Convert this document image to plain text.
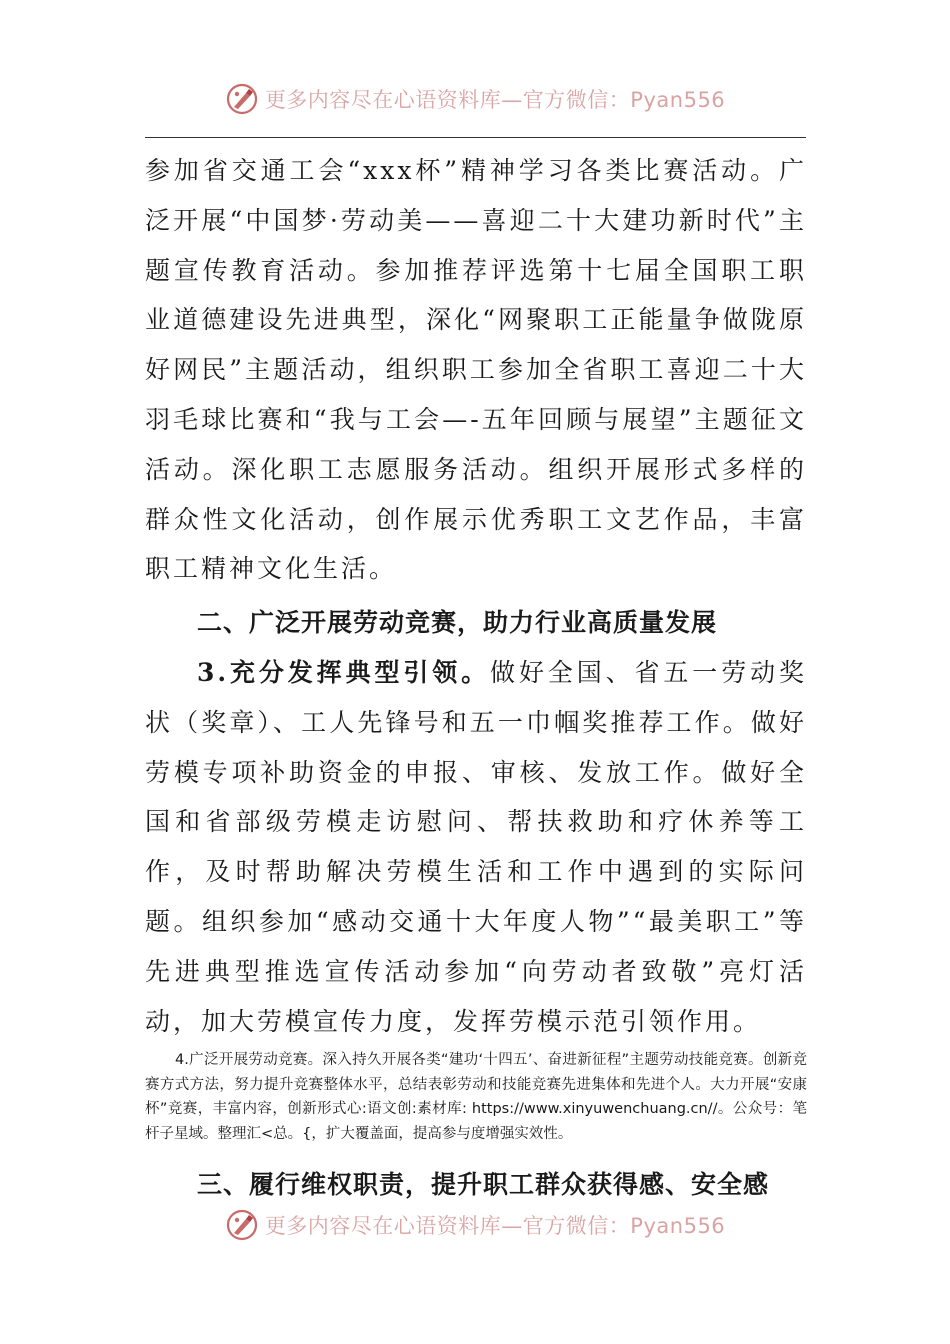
更多内容尽在心语资料库—官方微信：Pyan556

参加省交通工会“xxx杯”精神学习各类比赛活动。广泛开展“中国梦·劳动美——喜迎二十大建功新时代”主题宣传教育活动。参加推荐评选第十七届全国职工职业道德建设先进典型，深化“网聚职工正能量争做陇原好网民”主题活动，组织职工参加全省职工喜迎二十大羽毛球比赛和“我与工会—-五年回顾与展望”主题征文活动。深化职工志愿服务活动。组织开展形式多样的群众性文化活动，创作展示优秀职工文艺作品，丰富职工精神文化生活。

二、广泛开展劳动竞赛，助力行业高质量发展

3.充分发挥典型引领。做好全国、省五一劳动奖状（奖章）、工人先锋号和五一巾帼奖推荐工作。做好劳模专项补助资金的申报、审核、发放工作。做好全国和省部级劳模走访慰问、帮扶救助和疗休养等工作，及时帮助解决劳模生活和工作中遇到的实际问题。组织参加“感动交通十大年度人物”“最美职工”等先进典型推选宣传活动参加“向劳动者致敬”亮灯活动，加大劳模宣传力度，发挥劳模示范引领作用。

4.广泛开展劳动竞赛。深入持久开展各类“建功‘十四五’、奋进新征程”主题劳动技能竞赛。创新竞赛方式方法，努力提升竞赛整体水平，总结表彰劳动和技能竞赛先进集体和先进个人。大力开展“安康杯”竞赛，丰富内容，创新形式心:语文创:素材库: https://www.xinyuwenchuang.cn//。公众号：笔杆子星域。整理汇<总。{，扩大覆盖面，提高参与度增强实效性。

三、履行维权职责，提升职工群众获得感、安全感

更多内容尽在心语资料库—官方微信：Pyan556
